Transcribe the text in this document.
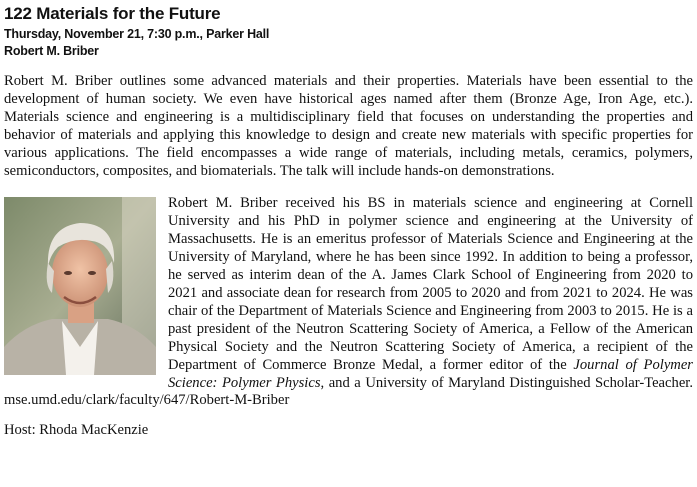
122 Materials for the Future

Thursday, November 21, 7:30 p.m., Parker Hall

Robert M. Briber

Robert M. Briber outlines some advanced materials and their properties. Materials have been essential to the development of human society. We even have historical ages named after them (Bronze Age, Iron Age, etc.). Materials science and engineering is a multidisciplinary field that focuses on understanding the properties and behavior of materials and applying this knowledge to design and create new materials with specific properties for various applications. The field encompasses a wide range of materials, including metals, ceramics, polymers, semiconductors, composites, and biomaterials. The talk will include hands-on demonstrations.

Robert M. Briber received his BS in materials science and engineering at Cornell University and his PhD in polymer science and engineering at the University of Massachusetts. He is an emeritus professor of Materials Science and Engineering at the University of Maryland, where he has been since 1992. In addition to being a professor, he served as interim dean of the A. James Clark School of Engineering from 2020 to 2021 and associate dean for research from 2005 to 2020 and from 2021 to 2024. He was chair of the Department of Materials Science and Engineering from 2003 to 2015. He is a past president of the Neutron Scattering Society of America, a Fellow of the American Physical Society and the Neutron Scattering Society of America, a recipient of the Department of Commerce Bronze Medal, a former editor of the Journal of Polymer Science: Polymer Physics, and a University of Maryland Distinguished Scholar-Teacher. mse.umd.edu/clark/faculty/647/Robert-M-Briber

Host: Rhoda MacKenzie
